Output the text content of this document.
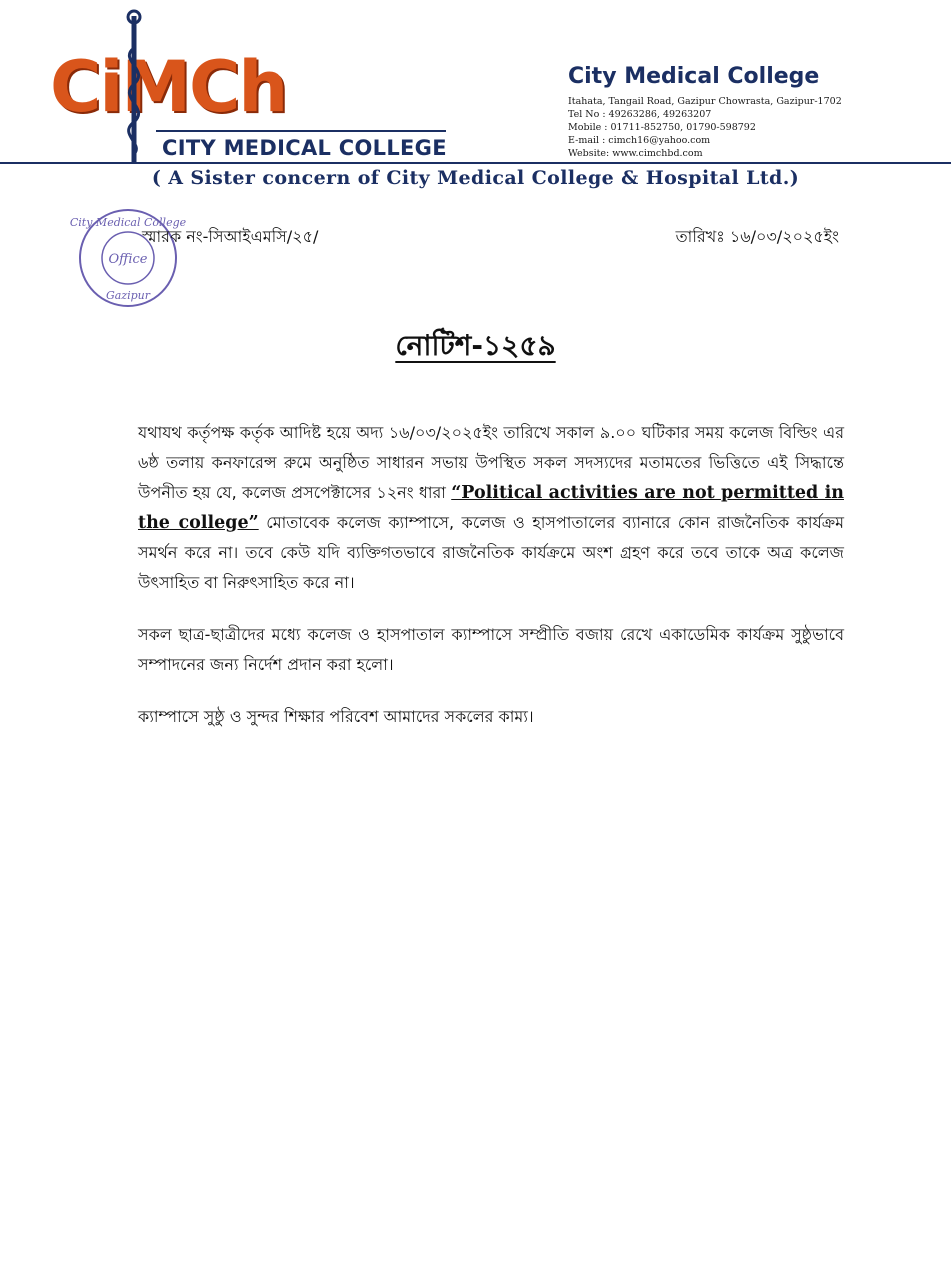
CiMCh
CITY MEDICAL COLLEGE
City Medical College
Itahata, Tangail Road, Gazipur Chowrasta, Gazipur-1702
Tel No : 49263286, 49263207
Mobile : 01711-852750, 01790-598792
E-mail : cimch16@yahoo.com
Website: www.cimchbd.com
( A Sister concern of City Medical College & Hospital Ltd.)
Office
City Medical College
Gazipur
স্মারক নং-সিআইএমসি/২৫/	তারিখঃ ১৬/০৩/২০২৫ইং
নোটিশ-১২৫৯

যথাযথ কর্তৃপক্ষ কর্তৃক আদিষ্ট হয়ে অদ্য ১৬/০৩/২০২৫ইং তারিখে সকাল ৯.০০ ঘটিকার সময় কলেজ বিল্ডিং এর ৬ষ্ঠ তলায় কনফারেন্স রুমে অনুষ্ঠিত সাধারন সভায় উপস্থিত সকল সদস্যদের মতামতের ভিত্তিতে এই সিদ্ধান্তে উপনীত হয় যে, কলেজ প্রসপেক্টাসের ১২নং ধারা “Political activities are not permitted in the college” মোতাবেক কলেজ ক্যাম্পাসে, কলেজ ও হাসপাতালের ব্যানারে কোন রাজনৈতিক কার্যক্রম সমর্থন করে না। তবে কেউ যদি ব্যক্তিগতভাবে রাজনৈতিক কার্যক্রমে অংশ গ্রহণ করে তবে তাকে অত্র কলেজ উৎসাহিত বা নিরুৎসাহিত করে না।

সকল ছাত্র-ছাত্রীদের মধ্যে কলেজ ও হাসপাতাল ক্যাম্পাসে সম্প্রীতি বজায় রেখে একাডেমিক কার্যক্রম সুষ্ঠুভাবে সম্পাদনের জন্য নির্দেশ প্রদান করা হলো।

ক্যাম্পাসে সুষ্ঠু ও সুন্দর শিক্ষার পরিবেশ আমাদের সকলের কাম্য।
